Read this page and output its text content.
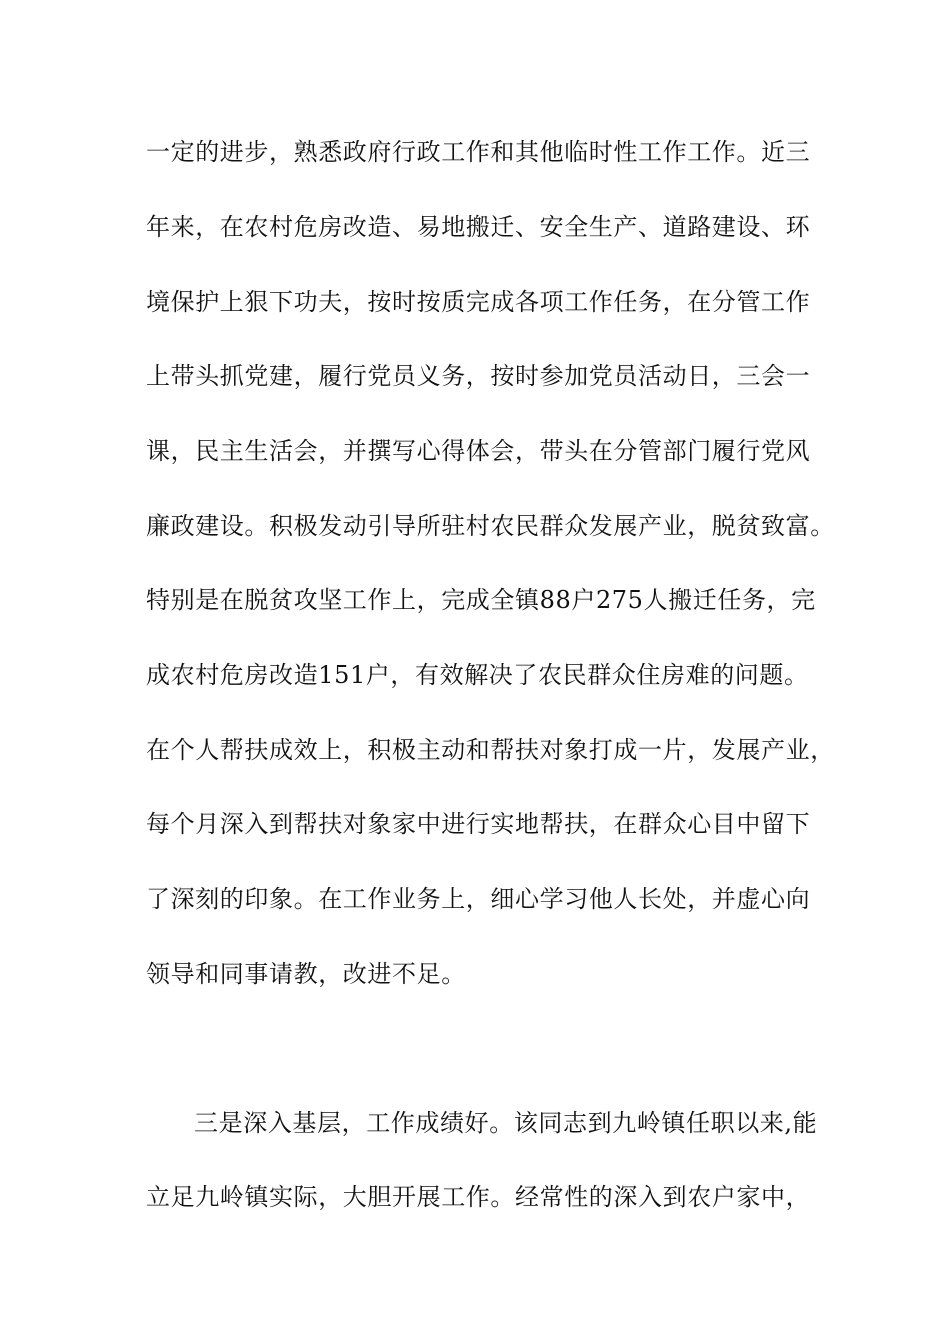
一定的进步，熟悉政府行政工作和其他临时性工作工作。近三
年来，在农村危房改造、易地搬迁、安全生产、道路建设、环
境保护上狠下功夫，按时按质完成各项工作任务，在分管工作
上带头抓党建，履行党员义务，按时参加党员活动日，三会一
课，民主生活会，并撰写心得体会，带头在分管部门履行党风
廉政建设。积极发动引导所驻村农民群众发展产业，脱贫致富。
特别是在脱贫攻坚工作上，完成全镇88户275人搬迁任务，完
成农村危房改造151户，有效解决了农民群众住房难的问题。
在个人帮扶成效上，积极主动和帮扶对象打成一片，发展产业，
每个月深入到帮扶对象家中进行实地帮扶，在群众心目中留下
了深刻的印象。在工作业务上，细心学习他人长处，并虚心向
领导和同事请教，改进不足。
三是深入基层，工作成绩好。该同志到九岭镇任职以来,能
立足九岭镇实际，大胆开展工作。经常性的深入到农户家中，
